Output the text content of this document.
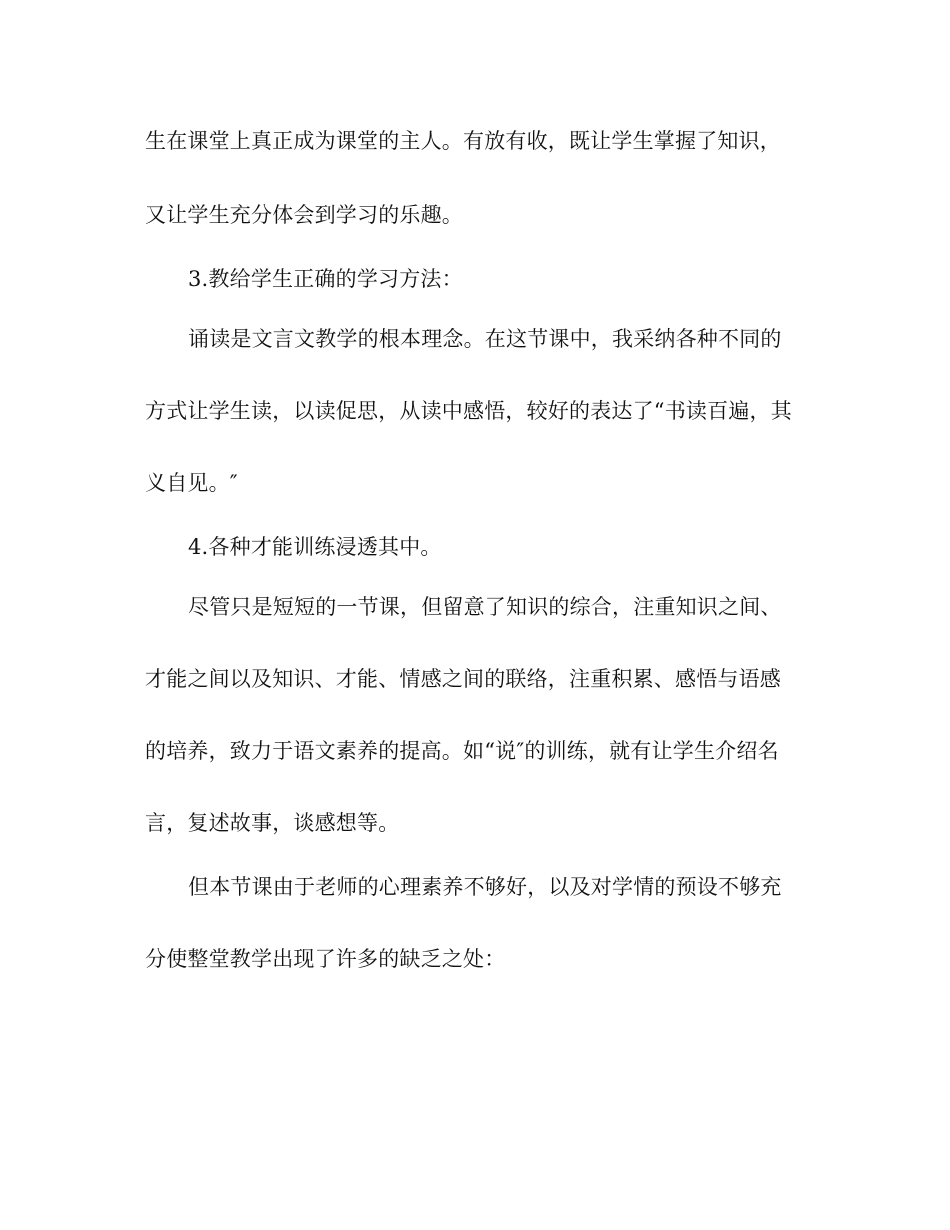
生在课堂上真正成为课堂的主人。有放有收，既让学生掌握了知识，
又让学生充分体会到学习的乐趣。
3.教给学生正确的学习方法：
诵读是文言文教学的根本理念。在这节课中，我采纳各种不同的
方式让学生读，以读促思，从读中感悟，较好的表达了“书读百遍，其
义自见。″
4.各种才能训练浸透其中。
尽管只是短短的一节课，但留意了知识的综合，注重知识之间、
才能之间以及知识、才能、情感之间的联络，注重积累、感悟与语感
的培养，致力于语文素养的提高。如“说″的训练，就有让学生介绍名
言，复述故事，谈感想等。
但本节课由于老师的心理素养不够好，以及对学情的预设不够充
分使整堂教学出现了许多的缺乏之处：
